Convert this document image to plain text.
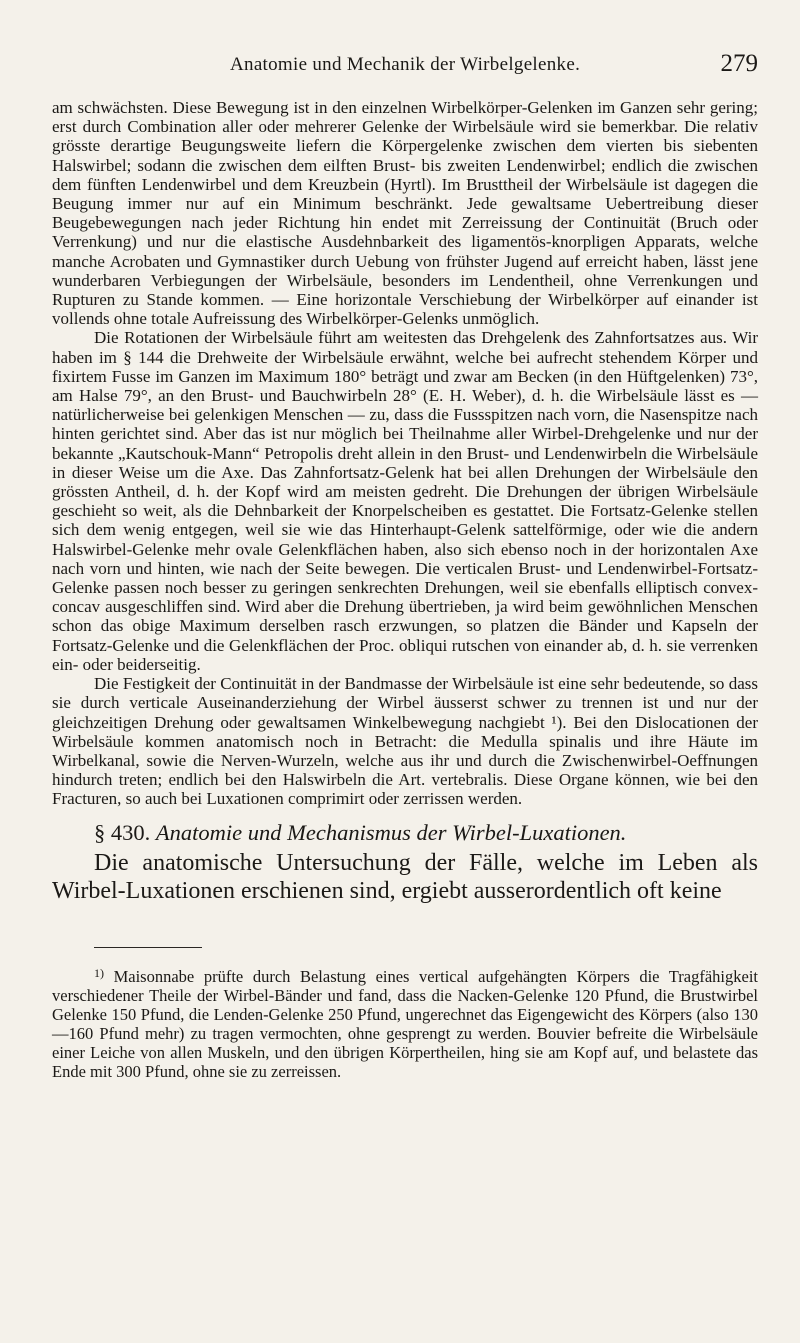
Anatomie und Mechanik der Wirbelgelenke.	279

am schwächsten. Diese Bewegung ist in den einzelnen Wirbelkörper-Gelenken im Ganzen sehr gering; erst durch Combination aller oder mehrerer Gelenke der Wirbelsäule wird sie bemerkbar. Die relativ grösste derartige Beugungsweite liefern die Körpergelenke zwischen dem vierten bis siebenten Halswirbel; sodann die zwischen dem eilften Brust- bis zweiten Lendenwirbel; endlich die zwischen dem fünften Lendenwirbel und dem Kreuzbein (Hyrtl). Im Brusttheil der Wirbelsäule ist dagegen die Beugung immer nur auf ein Minimum beschränkt. Jede gewaltsame Uebertreibung dieser Beugebewegungen nach jeder Richtung hin endet mit Zerreissung der Continuität (Bruch oder Verrenkung) und nur die elastische Ausdehnbarkeit des ligamentös-knorpligen Apparats, welche manche Acrobaten und Gymnastiker durch Uebung von frühster Jugend auf erreicht haben, lässt jene wunderbaren Verbiegungen der Wirbelsäule, besonders im Lendentheil, ohne Verrenkungen und Rupturen zu Stande kommen. — Eine horizontale Verschiebung der Wirbelkörper auf einander ist vollends ohne totale Aufreissung des Wirbelkörper-Gelenks unmöglich.

Die Rotationen der Wirbelsäule führt am weitesten das Drehgelenk des Zahnfortsatzes aus. Wir haben im § 144 die Drehweite der Wirbelsäule erwähnt, welche bei aufrecht stehendem Körper und fixirtem Fusse im Ganzen im Maximum 180° beträgt und zwar am Becken (in den Hüftgelenken) 73°, am Halse 79°, an den Brust- und Bauchwirbeln 28° (E. H. Weber), d. h. die Wirbelsäule lässt es — natürlicherweise bei gelenkigen Menschen — zu, dass die Fussspitzen nach vorn, die Nasenspitze nach hinten gerichtet sind. Aber das ist nur möglich bei Theilnahme aller Wirbel-Drehgelenke und nur der bekannte „Kautschouk-Mann“ Petropolis dreht allein in den Brust- und Lendenwirbeln die Wirbelsäule in dieser Weise um die Axe. Das Zahnfortsatz-Gelenk hat bei allen Drehungen der Wirbelsäule den grössten Antheil, d. h. der Kopf wird am meisten gedreht. Die Drehungen der übrigen Wirbelsäule geschieht so weit, als die Dehnbarkeit der Knorpelscheiben es gestattet. Die Fortsatz-Gelenke stellen sich dem wenig entgegen, weil sie wie das Hinterhaupt-Gelenk sattelförmige, oder wie die andern Halswirbel-Gelenke mehr ovale Gelenkflächen haben, also sich ebenso noch in der horizontalen Axe nach vorn und hinten, wie nach der Seite bewegen. Die verticalen Brust- und Lendenwirbel-Fortsatz-Gelenke passen noch besser zu geringen senkrechten Drehungen, weil sie ebenfalls elliptisch convex-concav ausgeschliffen sind. Wird aber die Drehung übertrieben, ja wird beim gewöhnlichen Menschen schon das obige Maximum derselben rasch erzwungen, so platzen die Bänder und Kapseln der Fortsatz-Gelenke und die Gelenkflächen der Proc. obliqui rutschen von einander ab, d. h. sie verrenken ein- oder beiderseitig.

Die Festigkeit der Continuität in der Bandmasse der Wirbelsäule ist eine sehr bedeutende, so dass sie durch verticale Auseinanderziehung der Wirbel äusserst schwer zu trennen ist und nur der gleichzeitigen Drehung oder gewaltsamen Winkelbewegung nachgiebt ¹). Bei den Dislocationen der Wirbelsäule kommen anatomisch noch in Betracht: die Medulla spinalis und ihre Häute im Wirbelkanal, sowie die Nerven-Wurzeln, welche aus ihr und durch die Zwischenwirbel-Oeffnungen hindurch treten; endlich bei den Halswirbeln die Art. vertebralis. Diese Organe können, wie bei den Fracturen, so auch bei Luxationen comprimirt oder zerrissen werden.

§ 430. Anatomie und Mechanismus der Wirbel-Luxationen.

Die anatomische Untersuchung der Fälle, welche im Leben als Wirbel-Luxationen erschienen sind, ergiebt ausserordentlich oft keine

$^{1)}$ Maisonnabe prüfte durch Belastung eines vertical aufgehängten Körpers die Tragfähigkeit verschiedener Theile der Wirbel-Bänder und fand, dass die Nacken-Gelenke 120 Pfund, die Brustwirbel Gelenke 150 Pfund, die Lenden-Gelenke 250 Pfund, ungerechnet das Eigengewicht des Körpers (also 130—160 Pfund mehr) zu tragen vermochten, ohne gesprengt zu werden. Bouvier befreite die Wirbelsäule einer Leiche von allen Muskeln, und den übrigen Körpertheilen, hing sie am Kopf auf, und belastete das Ende mit 300 Pfund, ohne sie zu zerreissen.
